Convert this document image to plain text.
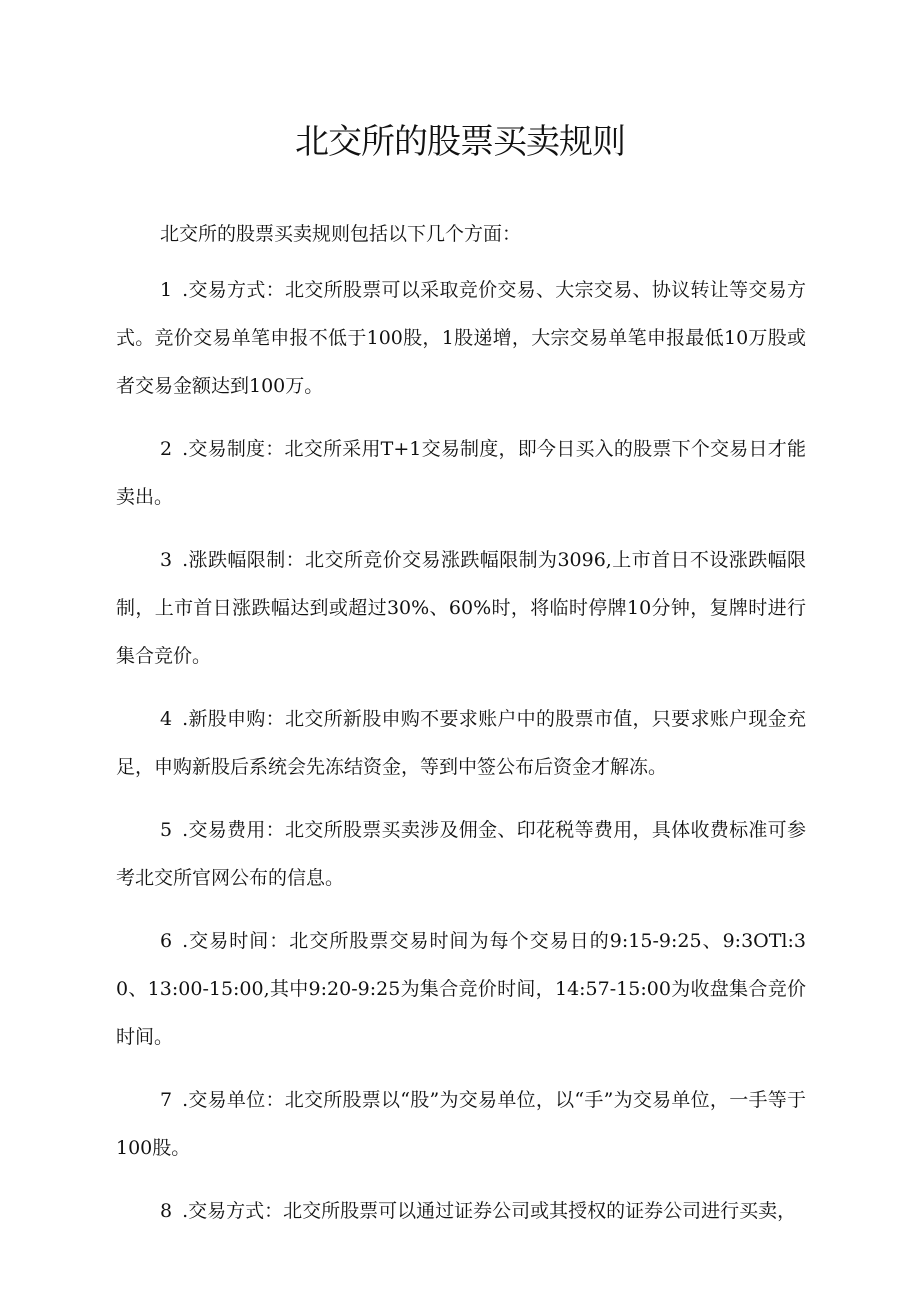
北交所的股票买卖规则

北交所的股票买卖规则包括以下几个方面：

1 .交易方式：北交所股票可以采取竞价交易、大宗交易、协议转让等交易方式。竞价交易单笔申报不低于100股，1股递增，大宗交易单笔申报最低10万股或者交易金额达到100万。

2 .交易制度：北交所采用T+1交易制度，即今日买入的股票下个交易日才能卖出。

3 .涨跌幅限制：北交所竞价交易涨跌幅限制为3096,上市首日不设涨跌幅限制，上市首日涨跌幅达到或超过30%、60%时，将临时停牌10分钟，复牌时进行集合竞价。

4 .新股申购：北交所新股申购不要求账户中的股票市值，只要求账户现金充足，申购新股后系统会先冻结资金，等到中签公布后资金才解冻。

5 .交易费用：北交所股票买卖涉及佣金、印花税等费用，具体收费标准可参考北交所官网公布的信息。

6 .交易时间：北交所股票交易时间为每个交易日的9:15-9:25、9:3OTl:30、13:00-15:00,其中9:20-9:25为集合竞价时间，14:57-15:00为收盘集合竞价时间。

7 .交易单位：北交所股票以“股”为交易单位，以“手”为交易单位，一手等于100股。

8 .交易方式：北交所股票可以通过证券公司或其授权的证券公司进行买卖，
